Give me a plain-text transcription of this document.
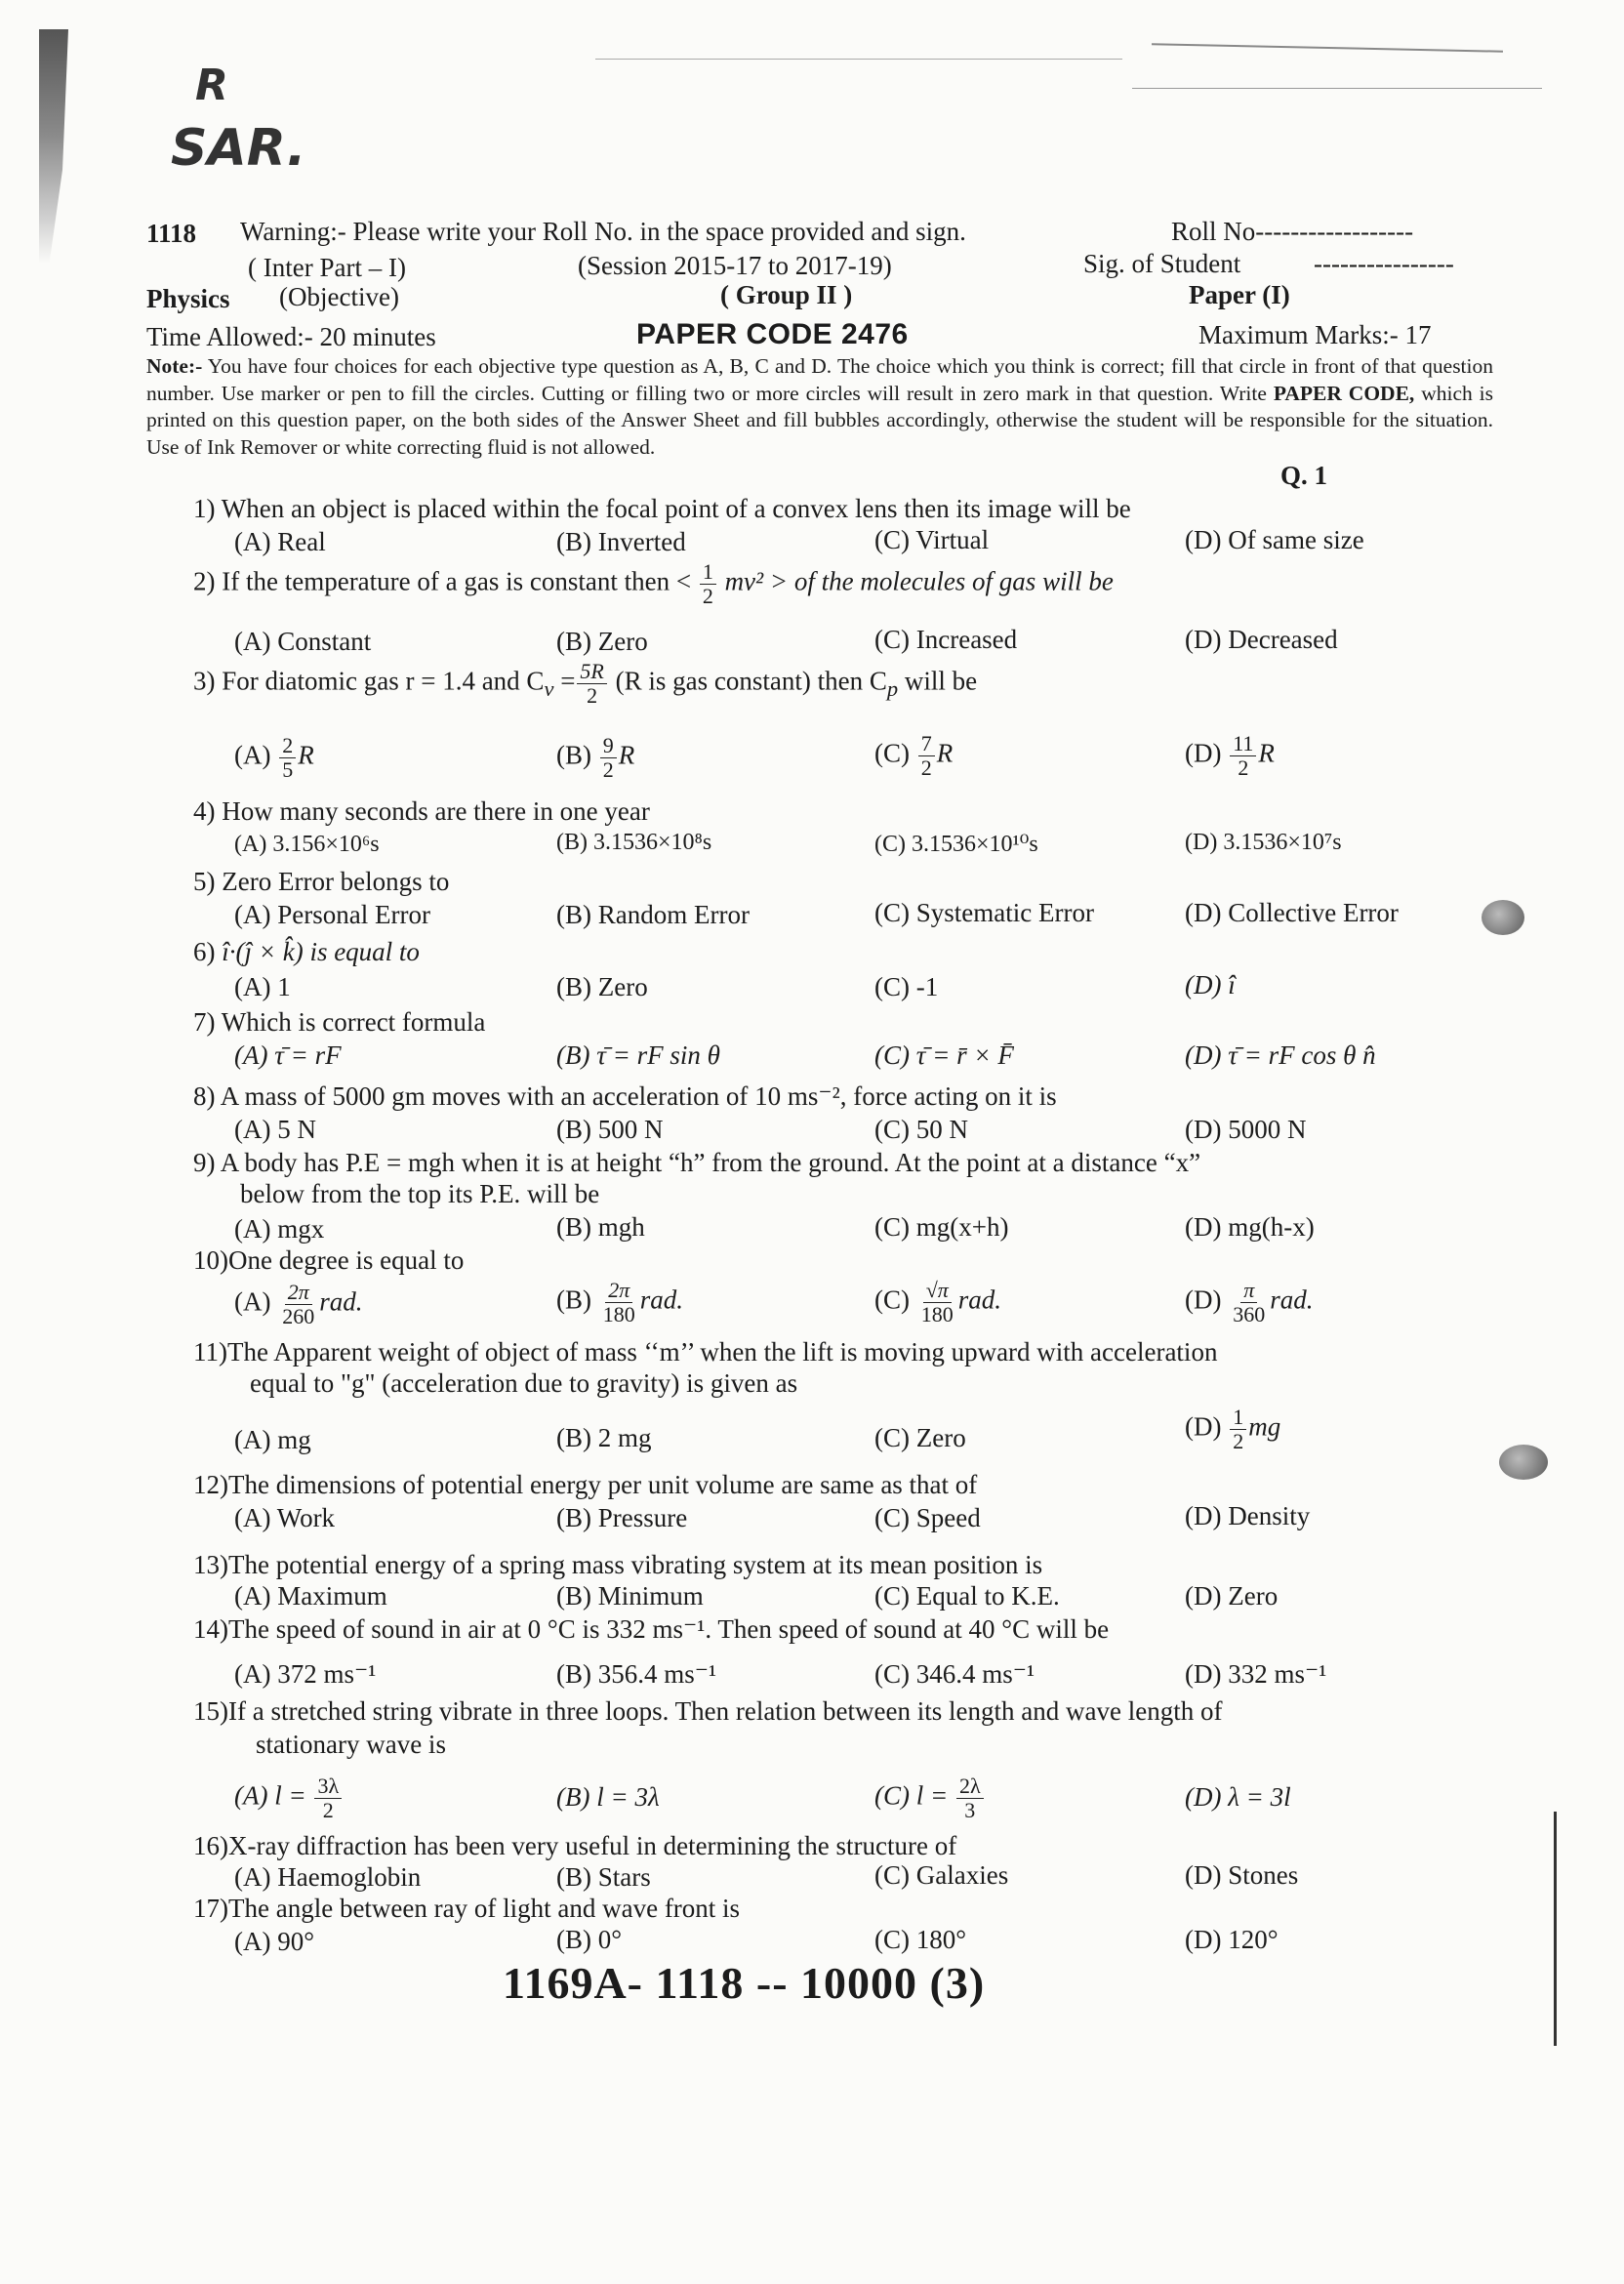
R
SAR.
1118 Warning:- Please write your Roll No. in the space provided and sign.	Roll No------------------
( Inter Part – I)	(Session 2015-17 to 2017-19)	Sig. of Student	----------------
Physics (Objective)	( Group II )	Paper (I)
Time Allowed:- 20 minutes	PAPER CODE 2476	Maximum Marks:- 17
Note:- You have four choices for each objective type question as A, B, C and D. The choice which you think is correct; fill that circle in front of that question number. Use marker or pen to fill the circles. Cutting or filling two or more circles will result in zero mark in that question. Write PAPER CODE, which is printed on this question paper, on the both sides of the Answer Sheet and fill bubbles accordingly, otherwise the student will be responsible for the situation. Use of Ink Remover or white correcting fluid is not allowed.
Q. 1
1) When an object is placed within the focal point of a convex lens then its image will be
(A) Real	(B) Inverted	(C) Virtual	(D) Of same size
2) If the temperature of a gas is constant then < $\frac{1}{2} mv^2$ > of the molecules of gas will be
(A) Constant	(B) Zero	(C) Increased	(D) Decreased
3) For diatomic gas r = 1.4 and $C_v = \frac{5R}{2} (R$ is gas constant) then $C_p$ will be
$(A) \frac{2}{5}$ R	$(B) \frac{9}{2}$ R	$(C) \frac{7}{2}$ R	$(D) \frac{11}{2}$ R
4) How many seconds are there in one year
(A) 3.156×10⁶s	(B) 3.1536×10⁸s	(C) 3.1536×10¹⁰s	(D) 3.1536×10⁷s
5) Zero Error belongs to
(A) Personal Error	(B) Random Error	(C) Systematic Error	(D) Collective Error
6) î·(ĵ × k̂) is equal to
(A) 1	(B) Zero	(C) -1	(D) î
7) Which is correct formula
(A) τ̄ = rF	(B) τ̄ = rF sin θ	(C) τ̄ = r̄ × F̄	(D) τ̄ = rF cos θ n̂
8) A mass of 5000 gm moves with an acceleration of 10 ms⁻², force acting on it is
(A) 5 N	(B) 500 N	(C) 50 N	(D) 5000 N
9) A body has P.E = mgh when it is at height “h” from the ground. At the point at a distance “x”
below from the top its P.E. will be
(A) mgx	(B) mgh	(C) mg(x+h)	(D) mg(h-x)
10)One degree is equal to
$(A) \frac{2\pi}{260}$ rad.	$(B) \frac{2\pi}{180}$ rad.	$(C) \frac{√\pi}{180}$ rad.	$(D) \frac{\pi}{360}$ rad.
11)The Apparent weight of object of mass ‘‘m’’ when the lift is moving upward with acceleration
equal to "g" (acceleration due to gravity) is given as
(A) mg	(B) 2 mg	(C) Zero	$(D) \frac{1}{2}$ mg
12)The dimensions of potential energy per unit volume are same as that of
(A) Work	(B) Pressure	(C) Speed	(D) Density
13)The potential energy of a spring mass vibrating system at its mean position is
(A) Maximum	(B) Minimum	(C) Equal to K.E.	(D) Zero
14)The speed of sound in air at 0 °C is 332 ms⁻¹. Then speed of sound at 40 °C will be
(A) 372 ms⁻¹	(B) 356.4 ms⁻¹	(C) 346.4 ms⁻¹	(D) 332 ms⁻¹
15)If a stretched string vibrate in three loops. Then relation between its length and wave length of
stationary wave is
(A) $l = \frac{3\lambda}{2}$	(B) l = 3λ	(C) $l = \frac{2\lambda}{3}$	(D) λ = 3l
16)X-ray diffraction has been very useful in determining the structure of
(A) Haemoglobin	(B) Stars	(C) Galaxies	(D) Stones
17)The angle between ray of light and wave front is
(A) 90°	(B) 0°	(C) 180°	(D) 120°
1169A- 1118 -- 10000 (3)
